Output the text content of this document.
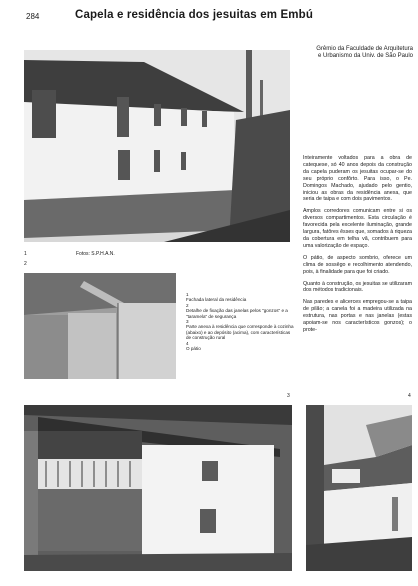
284	Capela e residência dos jesuitas em Embú
1	Fotos: S.P.H.A.N.
2
1
Fachada lateral da residência
2
Detalhe de fixação das janelas pelos "gonzos" e a "taramela" de segurança
3
Parte anexa à residência que corresponde à cozinha (abaixo) e ao depósito (acima), com características de construção rural
4
O pátio
3	4
Grêmio da Faculdade de Arquitetura
e Urbanismo da Univ. de São Paulo

Inteiramente voltados para a obra de catequese, só 40 anos depois da construção da capela puderam os jesuitas ocupar-se do seu próprio confôrto. Para isso, o Pe. Domingos Machado, ajudado pelo gentio, iniciou as obras da residência anexa, que seria de taipa e com dois pavimentos.

Amplos corredores comunicam entre si os diversos compartimentos. Esta circulação é favorecida pela excelente iluminação, grande largura, fatôres êsses que, somados à riqueza da cobertura em telha vã, contribuem para uma valorização de espaço.

O pátio, de aspecto sombrio, oferece um clima de sossêgo e recolhimento atendendo, pois, à finalidade para que foi criado.

Quanto à construção, os jesuitas se utilizaram dos métodos tradicionais.

Nas paredes e alicerces empregou-se a taipa de pilão; a canela foi a madeira utilizada na estrutura, nas portas e nas janelas (estas apoiam-se nos característicos gonzos); o prote-
